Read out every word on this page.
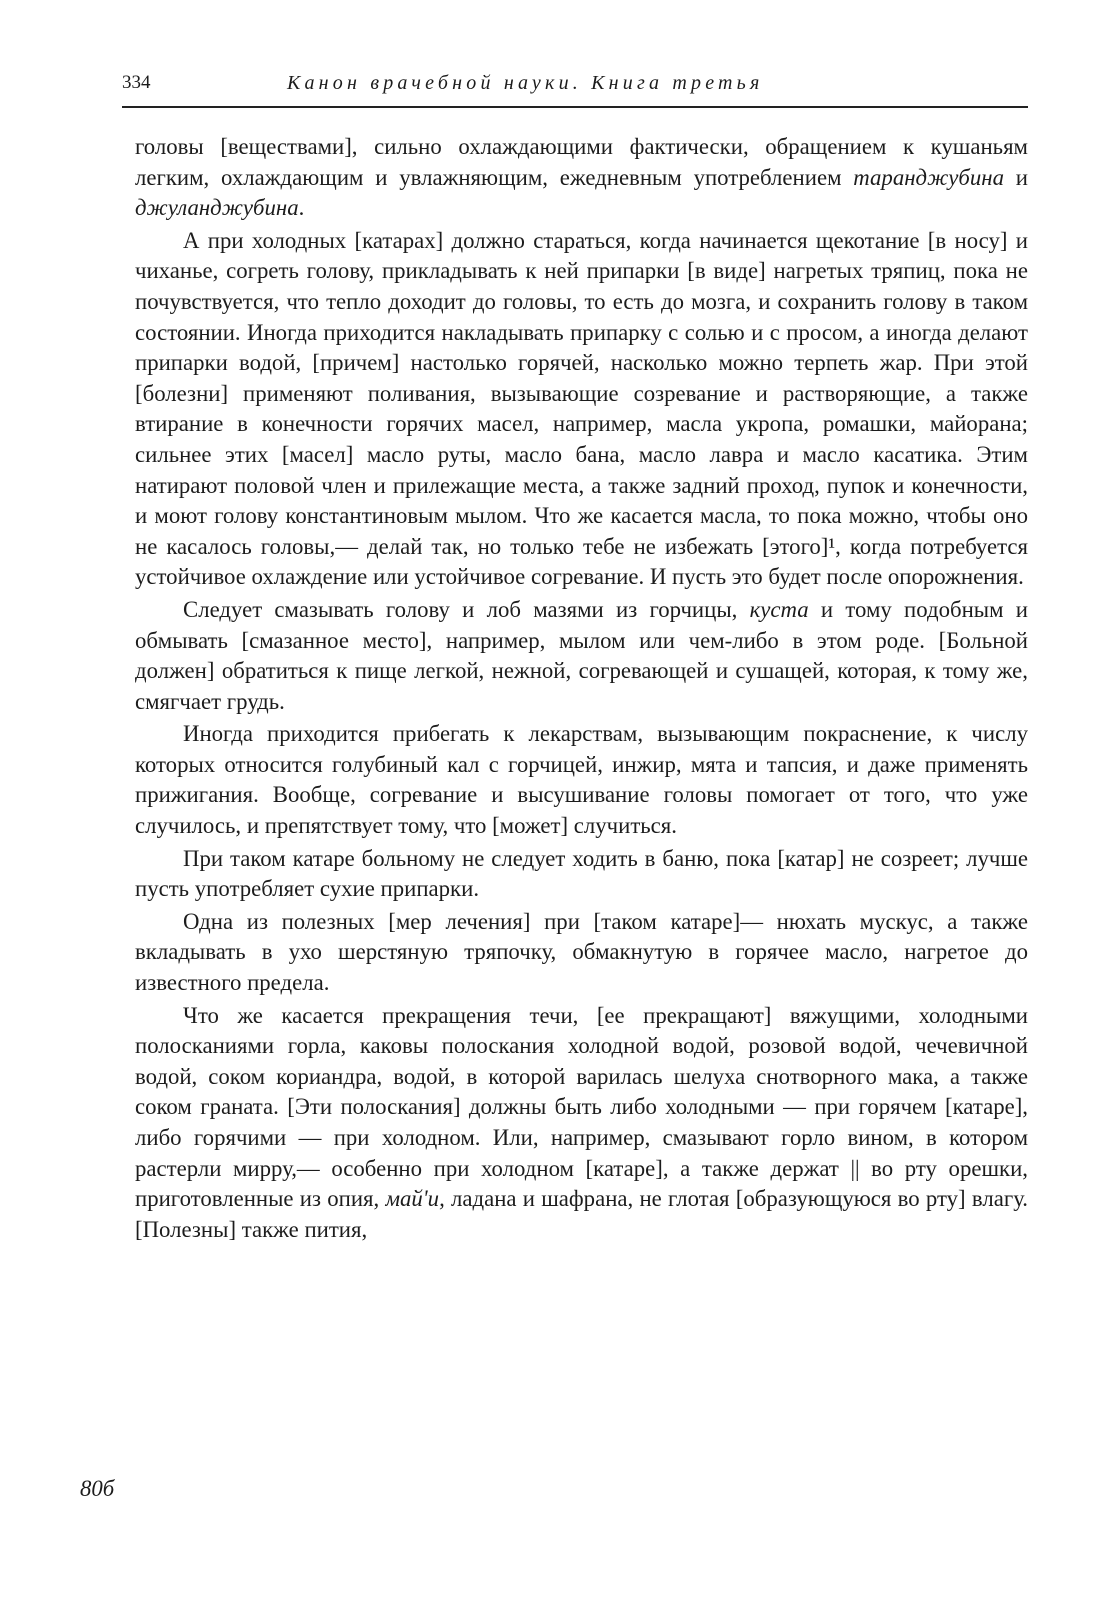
334	Канон врачебной науки. Книга третья

головы [веществами], сильно охлаждающими фактически, обращением к кушаньям легким, охлаждающим и увлажняющим, ежедневным употреблением таранджубина и джуланджубина.

А при холодных [катарах] должно стараться, когда начинается щекотание [в носу] и чиханье, согреть голову, прикладывать к ней припарки [в виде] нагретых тряпиц, пока не почувствуется, что тепло доходит до головы, то есть до мозга, и сохранить голову в таком состоянии. Иногда приходится накладывать припарку с солью и с просом, а иногда делают припарки водой, [причем] настолько горячей, насколько можно терпеть жар. При этой [болезни] применяют поливания, вызывающие созревание и растворяющие, а также втирание в конечности горячих масел, например, масла укропа, ромашки, майорана; сильнее этих [масел] масло руты, масло бана, масло лавра и масло касатика. Этим натирают половой член и прилежащие места, а также задний проход, пупок и конечности, и моют голову константиновым мылом. Что же касается масла, то пока можно, чтобы оно не касалось головы,— делай так, но только тебе не избежать [этого]¹, когда потребуется устойчивое охлаждение или устойчивое согревание. И пусть это будет после опорожнения.

Следует смазывать голову и лоб мазями из горчицы, куста и тому подобным и обмывать [смазанное место], например, мылом или чем-либо в этом роде. [Больной должен] обратиться к пище легкой, нежной, согревающей и сушащей, которая, к тому же, смягчает грудь.

Иногда приходится прибегать к лекарствам, вызывающим покраснение, к числу которых относится голубиный кал с горчицей, инжир, мята и тапсия, и даже применять прижигания. Вообще, согревание и высушивание головы помогает от того, что уже случилось, и препятствует тому, что [может] случиться.

При таком катаре больному не следует ходить в баню, пока [катар] не созреет; лучше пусть употребляет сухие припарки.

Одна из полезных [мер лечения] при [таком катаре]— нюхать мускус, а также вкладывать в ухо шерстяную тряпочку, обмакнутую в горячее масло, нагретое до известного предела.

Что же касается прекращения течи, [ее прекращают] вяжущими, холодными полосканиями горла, каковы полоскания холодной водой, розовой водой, чечевичной водой, соком кориандра, водой, в которой варилась шелуха снотворного мака, а также соком граната. [Эти полоскания] должны быть либо холодными — при горячем [катаре], либо горячими — при холодном. Или, например, смазывают горло вином, в котором растерли мирру,— особенно при холодном [катаре], а также держат || во рту орешки, приготовленные из опия, май'и, ладана и шафрана, не глотая [образующуюся во рту] влагу. [Полезны] также пития,

80б
